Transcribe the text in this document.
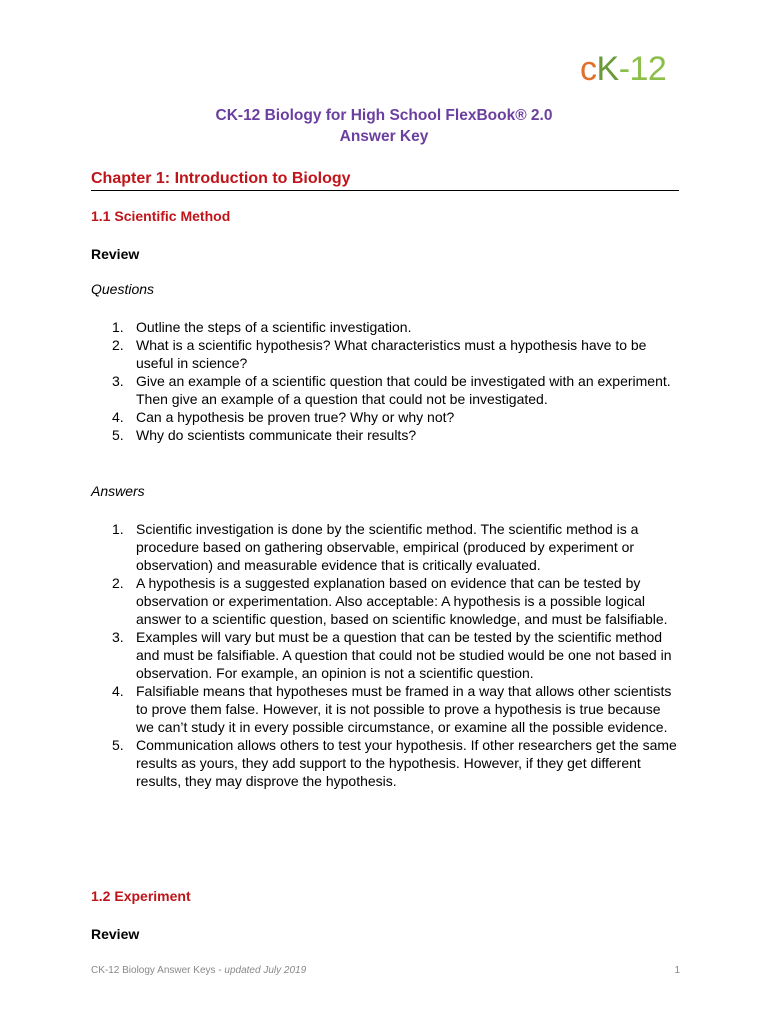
cK-12
CK-12 Biology for High School FlexBook® 2.0
Answer Key
Chapter 1: Introduction to Biology
1.1 Scientific Method
Review
Questions
1. Outline the steps of a scientific investigation.
2. What is a scientific hypothesis? What characteristics must a hypothesis have to be useful in science?
3. Give an example of a scientific question that could be investigated with an experiment. Then give an example of a question that could not be investigated.
4. Can a hypothesis be proven true? Why or why not?
5. Why do scientists communicate their results?
Answers
1. Scientific investigation is done by the scientific method. The scientific method is a procedure based on gathering observable, empirical (produced by experiment or observation) and measurable evidence that is critically evaluated.
2. A hypothesis is a suggested explanation based on evidence that can be tested by observation or experimentation. Also acceptable: A hypothesis is a possible logical answer to a scientific question, based on scientific knowledge, and must be falsifiable.
3. Examples will vary but must be a question that can be tested by the scientific method and must be falsifiable. A question that could not be studied would be one not based in observation. For example, an opinion is not a scientific question.
4. Falsifiable means that hypotheses must be framed in a way that allows other scientists to prove them false. However, it is not possible to prove a hypothesis is true because we can’t study it in every possible circumstance, or examine all the possible evidence.
5. Communication allows others to test your hypothesis. If other researchers get the same results as yours, they add support to the hypothesis. However, if they get different results, they may disprove the hypothesis.
1.2 Experiment
Review
CK-12 Biology Answer Keys - updated July 2019	1
